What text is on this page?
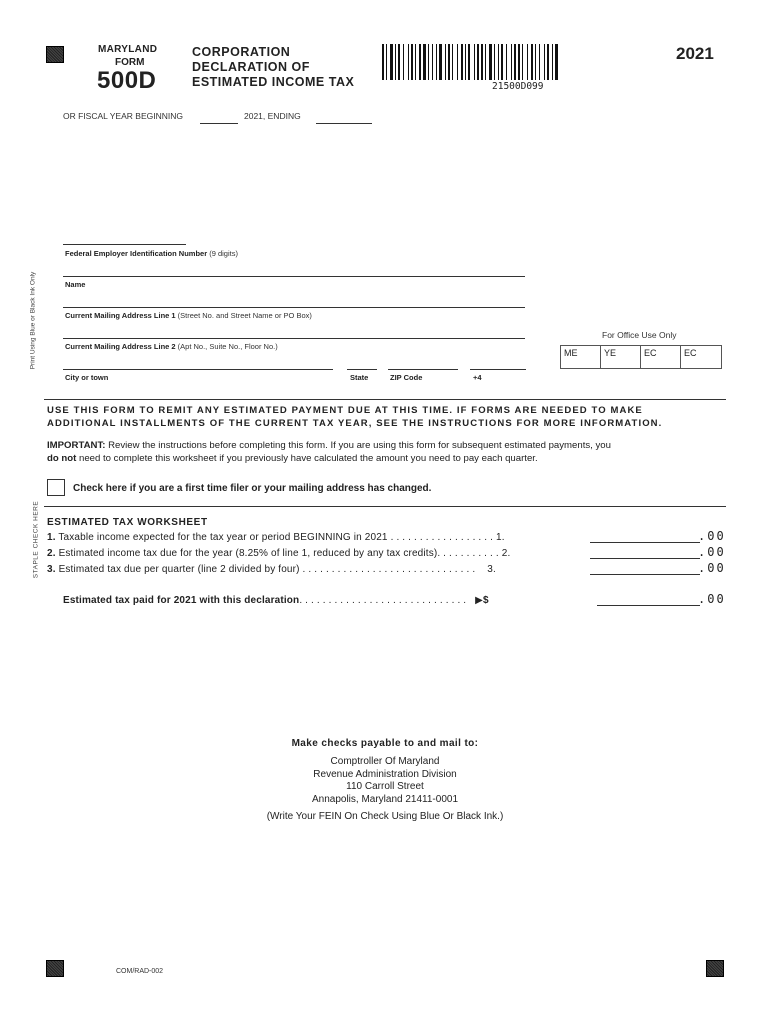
MARYLAND
FORM
500D
CORPORATION
DECLARATION OF
ESTIMATED INCOME TAX	21500D099
2021
OR FISCAL YEAR BEGINNING	2021, ENDING
Print Using Blue or Black Ink Only
STAPLE CHECK HERE
Federal Employer Identification Number (9 digits)
Name
Current Mailing Address Line 1 (Street No. and Street Name or PO Box)
Current Mailing Address Line 2 (Apt No., Suite No., Floor No.)
City or town	State	ZIP Code	+4
For Office Use Only
ME	YE	EC	EC
USE THIS FORM TO REMIT ANY ESTIMATED PAYMENT DUE AT THIS TIME. IF FORMS ARE NEEDED TO MAKE
ADDITIONAL INSTALLMENTS OF THE CURRENT TAX YEAR, SEE THE INSTRUCTIONS FOR MORE INFORMATION.
IMPORTANT: Review the instructions before completing this form. If you are using this form for subsequent estimated payments, you
do not need to complete this worksheet if you previously have calculated the amount you need to pay each quarter.
Check here if you are a first time filer or your mailing address has changed.
ESTIMATED TAX WORKSHEET
1. Taxable income expected for the tax year or period BEGINNING in 2021 . . . . . . . . . . . . . . . . . . 1.	.00
2. Estimated income tax due for the year (8.25% of line 1, reduced by any tax credits). . . . . . . . . . . 2.	.00
3. Estimated tax due per quarter (line 2 divided by four) . . . . . . . . . . . . . . . . . . . . . . . . . . . . . . 3.	.00
Estimated tax paid for 2021 with this declaration. . . . . . . . . . . . . . . . . . . . . . . . . . . . . ▶$	.00
Make checks payable to and mail to:
Comptroller Of Maryland
Revenue Administration Division
110 Carroll Street
Annapolis, Maryland 21411-0001
(Write Your FEIN On Check Using Blue Or Black Ink.)
COM/RAD-002
